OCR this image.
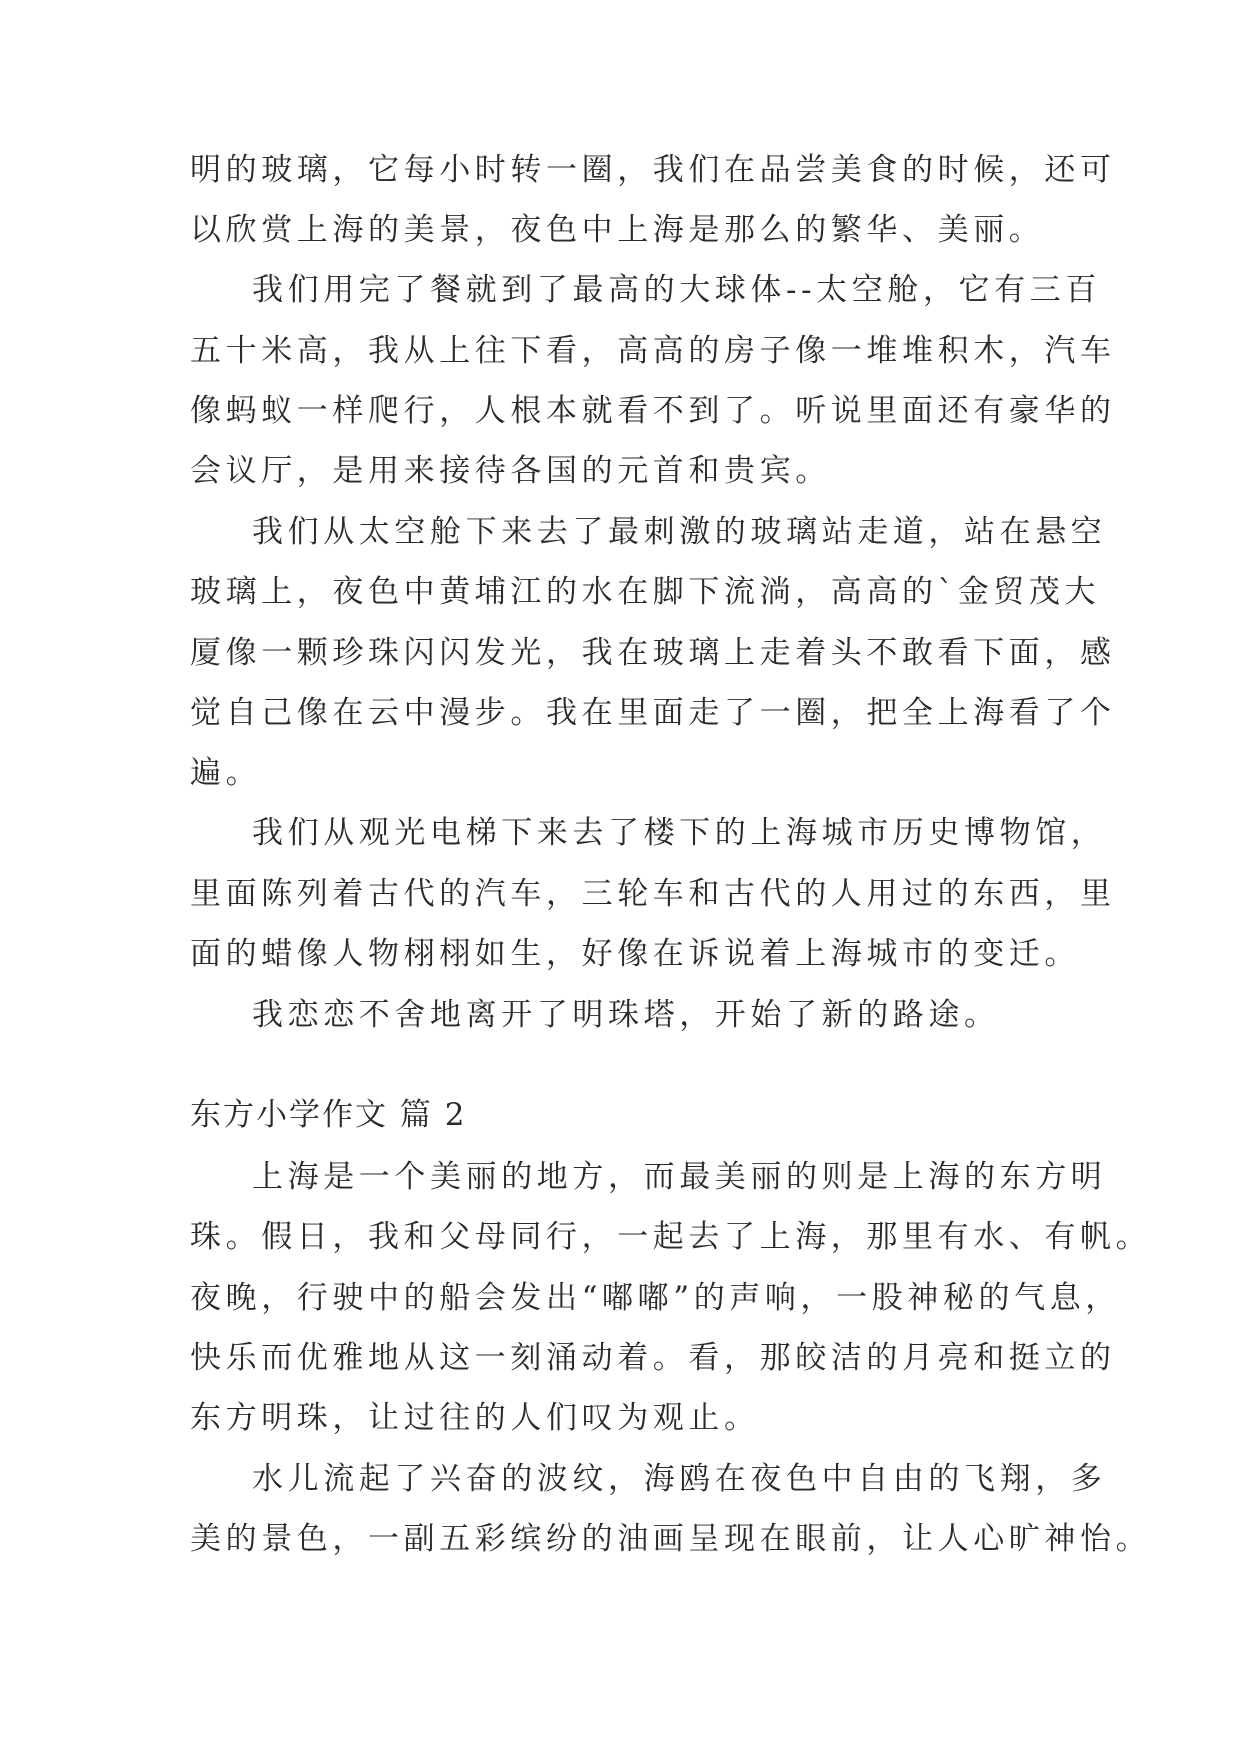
明的玻璃，它每小时转一圈，我们在品尝美食的时候，还可
以欣赏上海的美景，夜色中上海是那么的繁华、美丽。
我们用完了餐就到了最高的大球体--太空舱，它有三百
五十米高，我从上往下看，高高的房子像一堆堆积木，汽车
像蚂蚁一样爬行，人根本就看不到了。听说里面还有豪华的
会议厅，是用来接待各国的元首和贵宾。
我们从太空舱下来去了最刺激的玻璃站走道，站在悬空
玻璃上，夜色中黄埔江的水在脚下流淌，高高的`金贸茂大
厦像一颗珍珠闪闪发光，我在玻璃上走着头不敢看下面，感
觉自己像在云中漫步。我在里面走了一圈，把全上海看了个
遍。
我们从观光电梯下来去了楼下的上海城市历史博物馆，
里面陈列着古代的汽车，三轮车和古代的人用过的东西，里
面的蜡像人物栩栩如生，好像在诉说着上海城市的变迁。
我恋恋不舍地离开了明珠塔，开始了新的路途。
东方小学作文 篇 2
上海是一个美丽的地方，而最美丽的则是上海的东方明
珠。假日，我和父母同行，一起去了上海，那里有水、有帆。
夜晚，行驶中的船会发出“嘟嘟”的声响，一股神秘的气息，
快乐而优雅地从这一刻涌动着。看，那皎洁的月亮和挺立的
东方明珠，让过往的人们叹为观止。
水儿流起了兴奋的波纹，海鸥在夜色中自由的飞翔，多
美的景色，一副五彩缤纷的油画呈现在眼前，让人心旷神怡。
